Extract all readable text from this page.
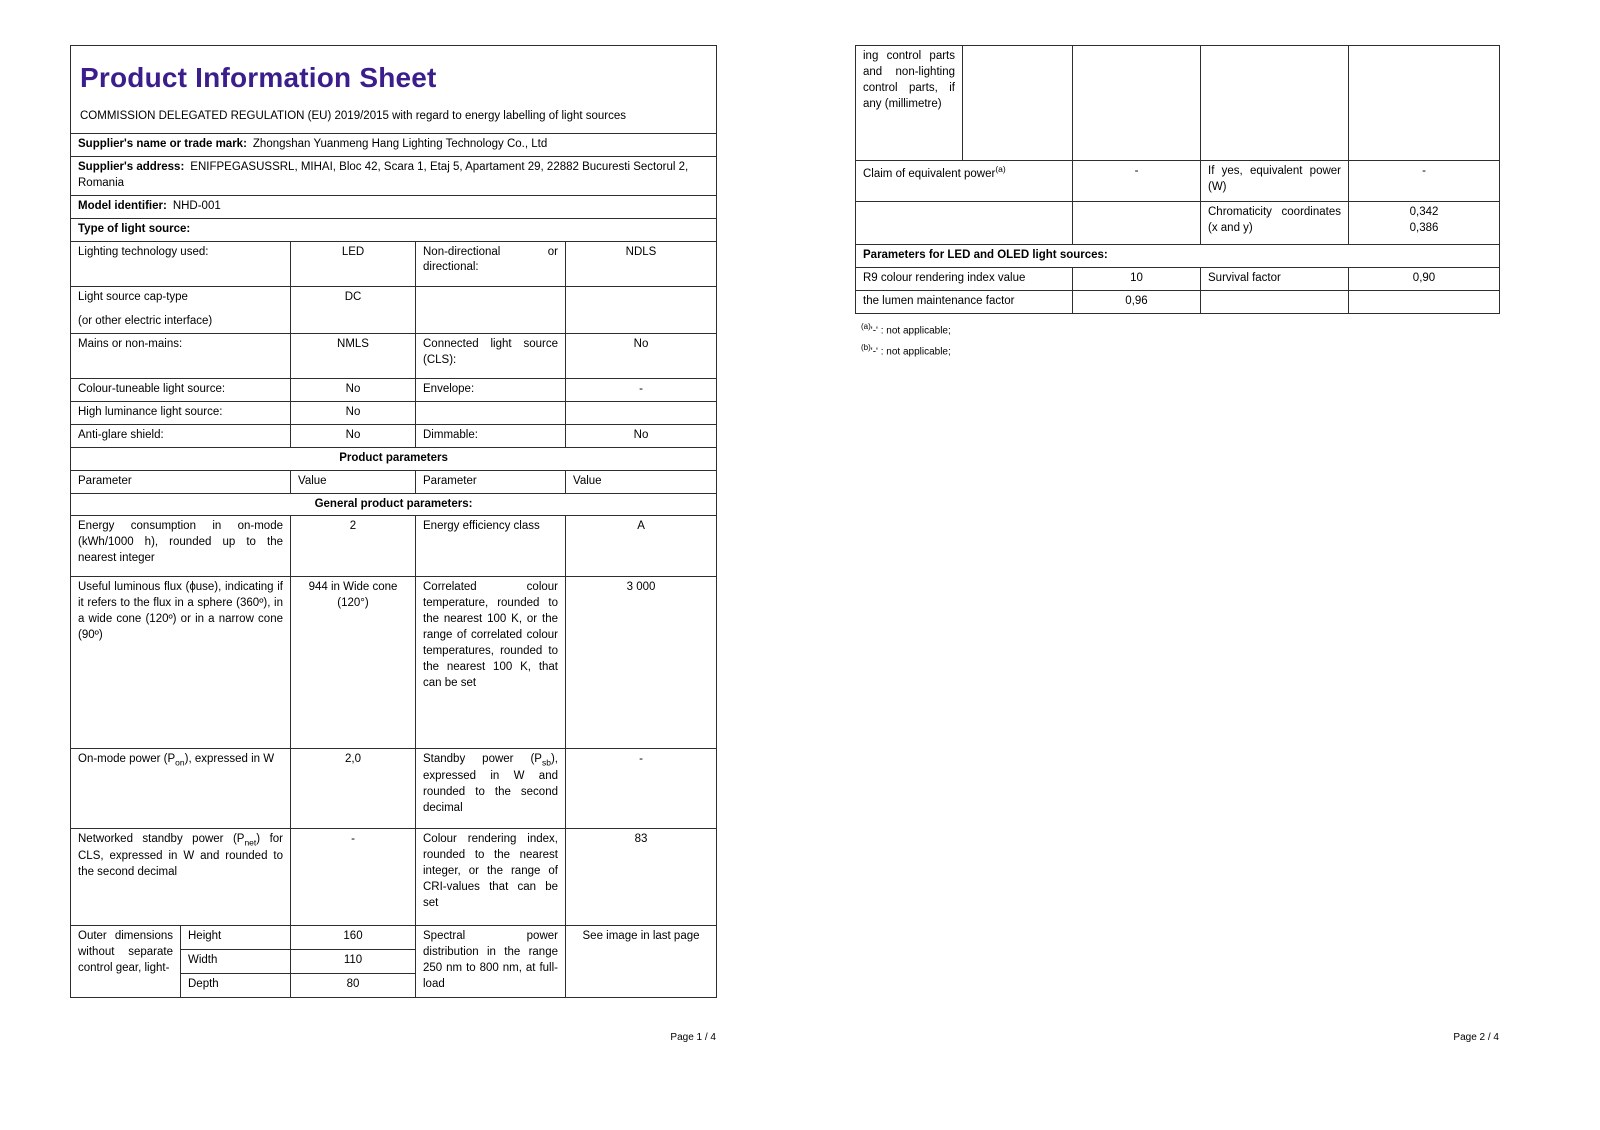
Product Information Sheet
COMMISSION DELEGATED REGULATION (EU) 2019/2015 with regard to energy labelling of light sources				

Supplier's name or trade mark: Zhongshan Yuanmeng Hang Lighting Technology Co., Ltd				
Supplier's address: ENIFPEGASUSSRL, MIHAI, Bloc 42, Scara 1, Etaj 5, Apartament 29, 22882 Bucuresti Sectorul 2, Romania				
Model identifier: NHD-001				
Type of light source:				
Lighting technology used:		LED	Non-directional or directional:	NDLS

Light source cap-type
(or other electric interface)		DC		
Mains or non-mains:		NMLS	Connected light source (CLS):	No
Colour-tuneable light source:		No	Envelope:	-
High luminance light source:		No		
Anti-glare shield:		No	Dimmable:	No
Product parameters				
Parameter		Value	Parameter	Value
General product parameters:				
Energy consumption in on-mode (kWh/1000 h), rounded up to the nearest integer		2	Energy efficiency class	A
Useful luminous flux (ϕuse), indicating if it refers to the flux in a sphere (360º), in a wide cone (120º) or in a narrow cone (90º)		944 in Wide cone (120°)	Correlated colour temperature, rounded to the nearest 100 K, or the range of correlated colour temperatures, rounded to the nearest 100 K, that can be set	3 000
On-mode power $(P_{on})$, expressed in W		2,0	Standby power $(P_{sb})$, expressed in W and rounded to the second decimal	-
Networked standby power $(P_{net})$ for CLS, expressed in W and rounded to the second decimal		-	Colour rendering index, rounded to the nearest integer, or the range of CRI-values that can be set	83
Outer dimensions without separate control gear, light-	Height	160	Spectral power distribution in the range 250 nm to 800 nm, at full-load	See image in last page
	Width	110		
	Depth	80		
Page 1 / 4
ing control parts and non-lighting control parts, if any (millimetre)				
Claim of equivalent power$^{(a)}$		-	If yes, equivalent power (W)	-
			Chromaticity coordinates (x and y)	0,342
0,386

Parameters for LED and OLED light sources:				
R9 colour rendering index value		10	Survival factor	0,90
the lumen maintenance factor		0,96		
$^{(a)}$'-' : not applicable;
$^{(b)}$'-' : not applicable;
Page 2 / 4
